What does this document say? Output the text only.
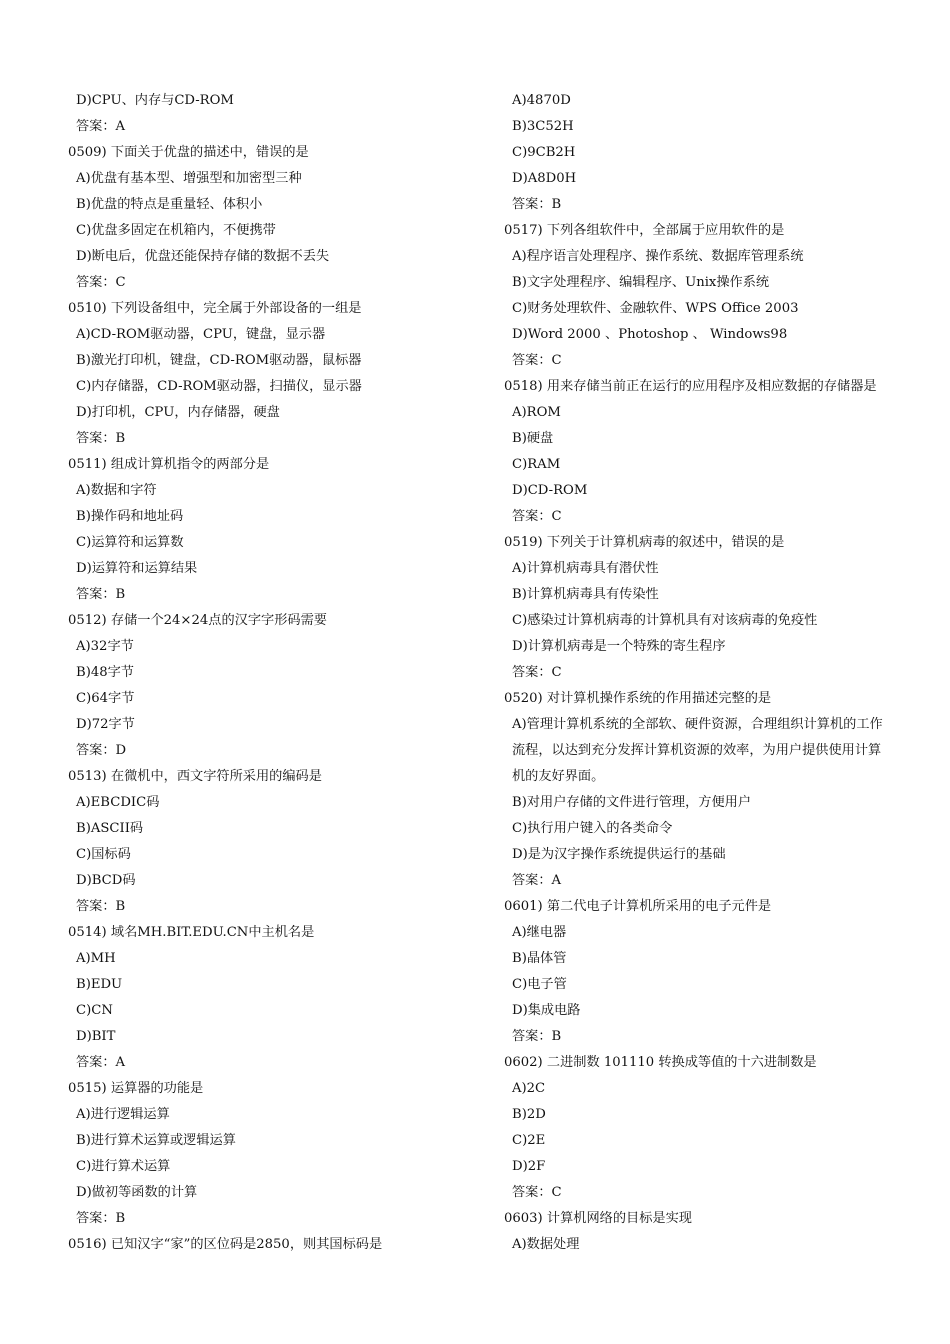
D)CPU、内存与CD-ROM
答案：A
0509) 下面关于优盘的描述中，错误的是
A)优盘有基本型、增强型和加密型三种
B)优盘的特点是重量轻、体积小
C)优盘多固定在机箱内，不便携带
D)断电后，优盘还能保持存储的数据不丢失
答案：C
0510) 下列设备组中，完全属于外部设备的一组是
A)CD-ROM驱动器，CPU，键盘，显示器
B)激光打印机，键盘，CD-ROM驱动器，鼠标器
C)内存储器，CD-ROM驱动器，扫描仪，显示器
D)打印机，CPU，内存储器，硬盘
答案：B
0511) 组成计算机指令的两部分是
A)数据和字符
B)操作码和地址码
C)运算符和运算数
D)运算符和运算结果
答案：B
0512) 存储一个24×24点的汉字字形码需要
A)32字节
B)48字节
C)64字节
D)72字节
答案：D
0513) 在微机中，西文字符所采用的编码是
A)EBCDIC码
B)ASCII码
C)国标码
D)BCD码
答案：B
0514) 域名MH.BIT.EDU.CN中主机名是
A)MH
B)EDU
C)CN
D)BIT
答案：A
0515) 运算器的功能是
A)进行逻辑运算
B)进行算术运算或逻辑运算
C)进行算术运算
D)做初等函数的计算
答案：B
0516) 已知汉字“家”的区位码是2850，则其国标码是
A)4870D
B)3C52H
C)9CB2H
D)A8D0H
答案：B
0517) 下列各组软件中，全部属于应用软件的是
A)程序语言处理程序、操作系统、数据库管理系统
B)文字处理程序、编辑程序、Unix操作系统
C)财务处理软件、金融软件、WPS Office 2003
D)Word 2000 、Photoshop 、 Windows98
答案：C
0518) 用来存储当前正在运行的应用程序及相应数据的存储器是
A)ROM
B)硬盘
C)RAM
D)CD-ROM
答案：C
0519) 下列关于计算机病毒的叙述中，错误的是
A)计算机病毒具有潜伏性
B)计算机病毒具有传染性
C)感染过计算机病毒的计算机具有对该病毒的免疫性
D)计算机病毒是一个特殊的寄生程序
答案：C
0520) 对计算机操作系统的作用描述完整的是
A)管理计算机系统的全部软、硬件资源，合理组织计算机的工作流程，以达到充分发挥计算机资源的效率，为用户提供使用计算机的友好界面。
B)对用户存储的文件进行管理，方便用户
C)执行用户键入的各类命令
D)是为汉字操作系统提供运行的基础
答案：A
0601) 第二代电子计算机所采用的电子元件是
A)继电器
B)晶体管
C)电子管
D)集成电路
答案：B
0602) 二进制数 101110 转换成等值的十六进制数是
A)2C
B)2D
C)2E
D)2F
答案：C
0603) 计算机网络的目标是实现
A)数据处理
